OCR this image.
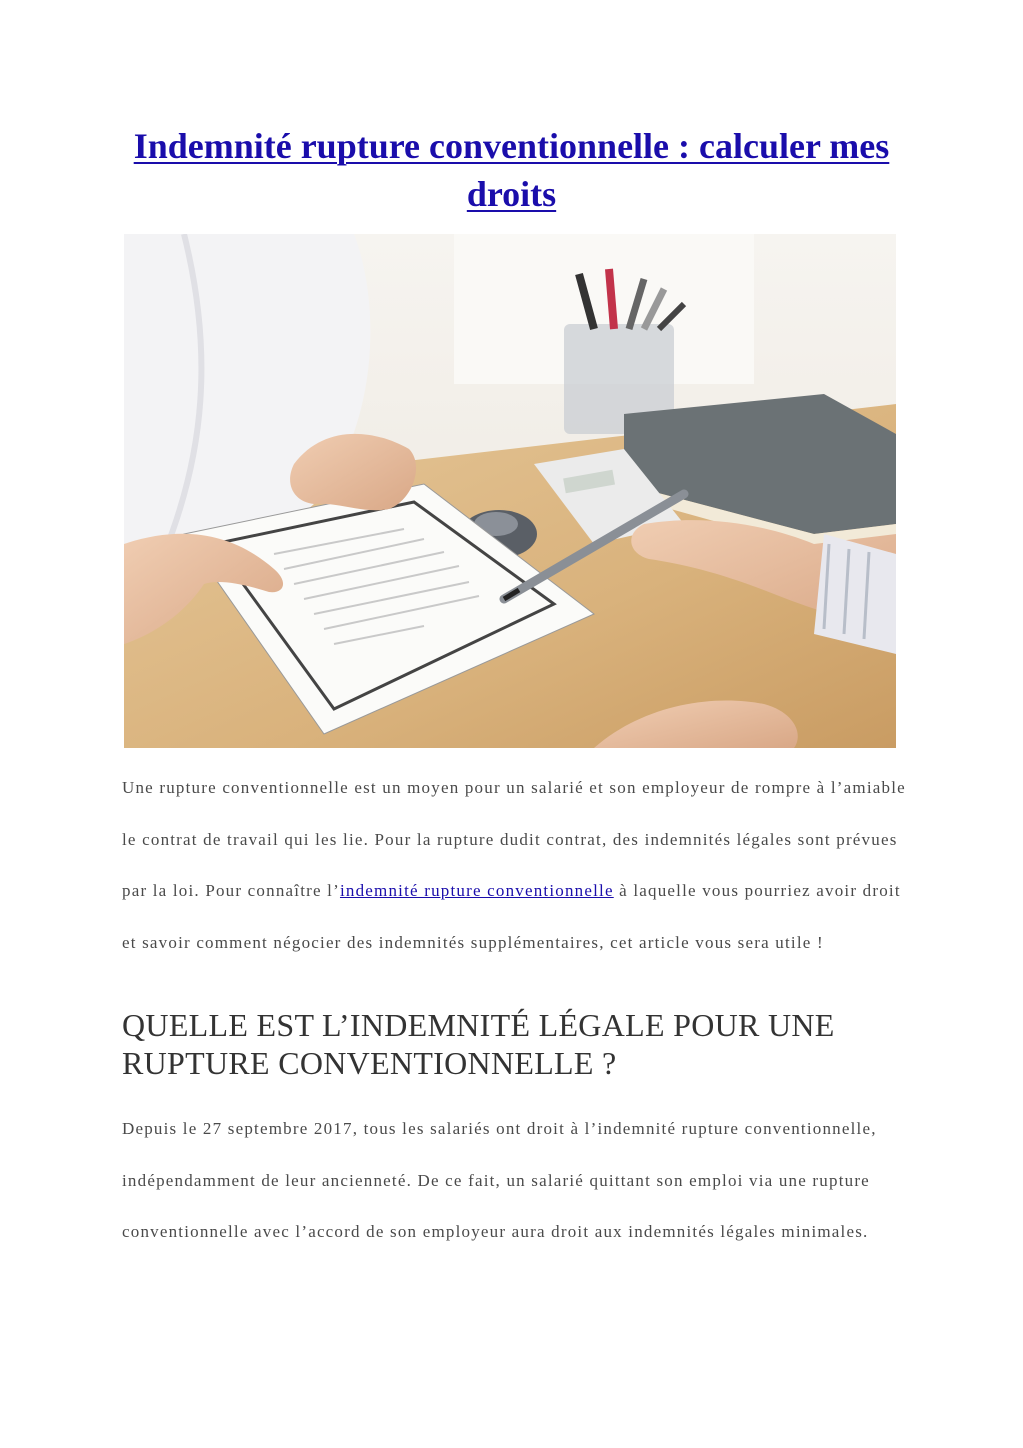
Indemnité rupture conventionnelle : calculer mes droits

Une rupture conventionnelle est un moyen pour un salarié et son employeur de rompre à l’amiable le contrat de travail qui les lie. Pour la rupture dudit contrat, des indemnités légales sont prévues par la loi. Pour connaître l’indemnité rupture conventionnelle à laquelle vous pourriez avoir droit et savoir comment négocier des indemnités supplémentaires, cet article vous sera utile !

QUELLE EST L’INDEMNITÉ LÉGALE POUR UNE RUPTURE CONVENTIONNELLE ?

Depuis le 27 septembre 2017, tous les salariés ont droit à l’indemnité rupture conventionnelle, indépendamment de leur ancienneté. De ce fait, un salarié quittant son emploi via une rupture conventionnelle avec l’accord de son employeur aura droit aux indemnités légales minimales.
